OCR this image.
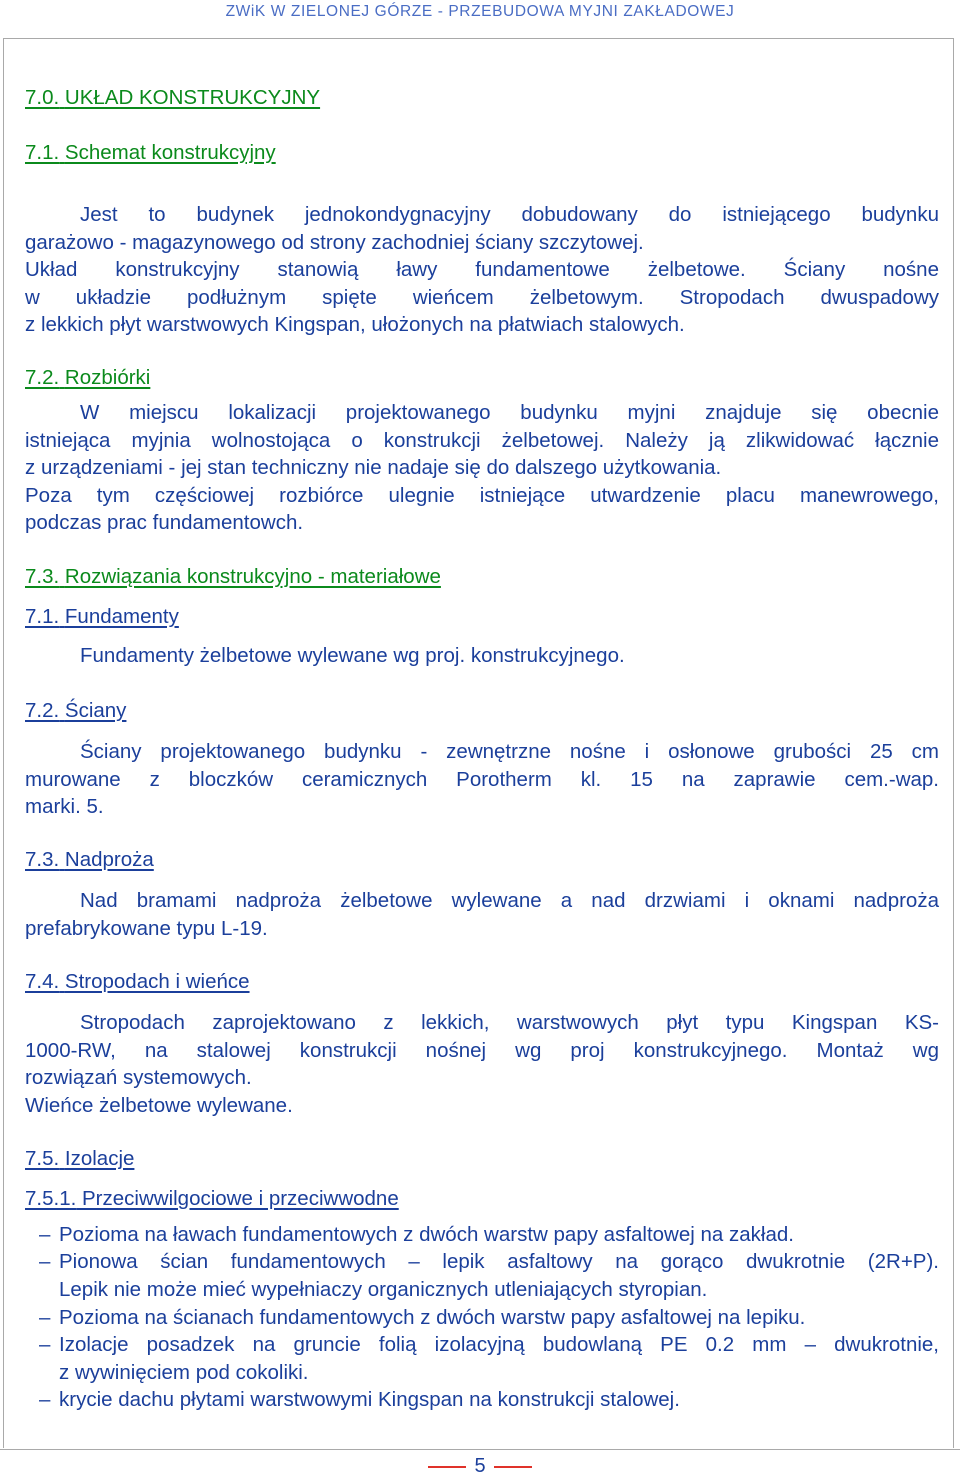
ZWiK W ZIELONEJ GÓRZE - PRZEBUDOWA MYJNI ZAKŁADOWEJ
7.0. UKŁAD KONSTRUKCYJNY
7.1. Schemat konstrukcyjny
Jest to budynek jednokondygnacyjny dobudowany do istniejącego budynku
garażowo - magazynowego od strony zachodniej ściany szczytowej.
Układ konstrukcyjny stanowią ławy fundamentowe żelbetowe. Ściany nośne
w układzie podłużnym spięte wieńcem żelbetowym. Stropodach dwuspadowy
z lekkich płyt warstwowych Kingspan, ułożonych na płatwiach stalowych.
7.2. Rozbiórki
W miejscu lokalizacji projektowanego budynku myjni znajduje się obecnie
istniejąca myjnia wolnostojąca o konstrukcji żelbetowej. Należy ją zlikwidować łącznie
z urządzeniami - jej stan techniczny nie nadaje się do dalszego użytkowania.
Poza tym częściowej rozbiórce ulegnie istniejące utwardzenie placu manewrowego,
podczas prac fundamentowch.
7.3. Rozwiązania konstrukcyjno - materiałowe
7.1. Fundamenty
Fundamenty żelbetowe wylewane wg proj. konstrukcyjnego.
7.2. Ściany
Ściany projektowanego budynku - zewnętrzne nośne i osłonowe grubości 25 cm
murowane z bloczków ceramicznych Porotherm kl. 15 na zaprawie cem.-wap.
marki. 5.
7.3. Nadproża
Nad bramami nadproża żelbetowe wylewane a nad drzwiami i oknami nadproża
prefabrykowane typu L-19.
7.4. Stropodach i wieńce
Stropodach zaprojektowano z lekkich, warstwowych płyt typu Kingspan KS-
1000-RW, na stalowej konstrukcji nośnej wg proj konstrukcyjnego. Montaż wg
rozwiązań systemowych.
Wieńce żelbetowe wylewane.
7.5. Izolacje
7.5.1. Przeciwwilgociowe i przeciwwodne
– Pozioma na ławach fundamentowych z dwóch warstw papy asfaltowej na zakład.
– Pionowa ścian fundamentowych – lepik asfaltowy na gorąco dwukrotnie (2R+P).
Lepik nie może mieć wypełniaczy organicznych utleniających styropian.
– Pozioma na ścianach fundamentowych z dwóch warstw papy asfaltowej na lepiku.
– Izolacje posadzek na gruncie folią izolacyjną budowlaną PE 0.2 mm – dwukrotnie,
z wywinięciem pod cokoliki.
– krycie dachu płytami warstwowymi Kingspan na konstrukcji stalowej.
5
